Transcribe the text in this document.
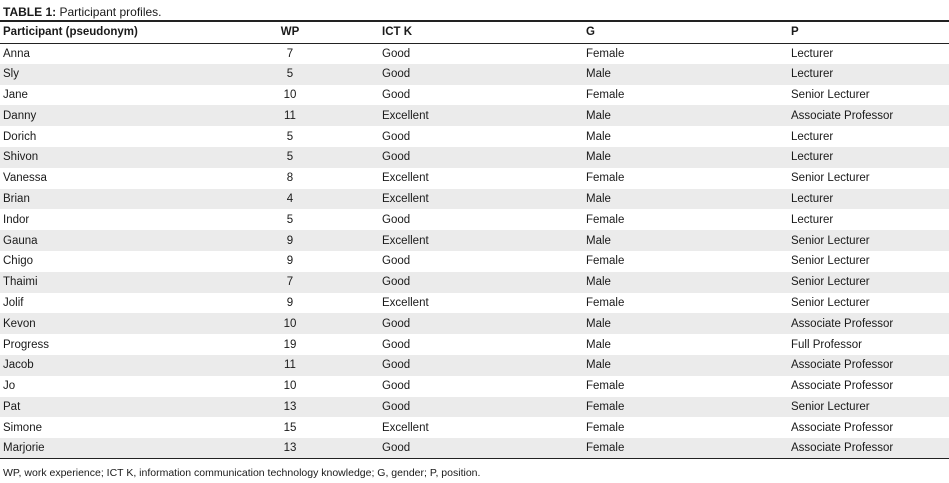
TABLE 1: Participant profiles.
Participant (pseudonym)	WP	ICT K	G	P
Anna	7	Good	Female	Lecturer
Sly	5	Good	Male	Lecturer
Jane	10	Good	Female	Senior Lecturer
Danny	11	Excellent	Male	Associate Professor
Dorich	5	Good	Male	Lecturer
Shivon	5	Good	Male	Lecturer
Vanessa	8	Excellent	Female	Senior Lecturer
Brian	4	Excellent	Male	Lecturer
Indor	5	Good	Female	Lecturer
Gauna	9	Excellent	Male	Senior Lecturer
Chigo	9	Good	Female	Senior Lecturer
Thaimi	7	Good	Male	Senior Lecturer
Jolif	9	Excellent	Female	Senior Lecturer
Kevon	10	Good	Male	Associate Professor
Progress	19	Good	Male	Full Professor
Jacob	11	Good	Male	Associate Professor
Jo	10	Good	Female	Associate Professor
Pat	13	Good	Female	Senior Lecturer
Simone	15	Excellent	Female	Associate Professor
Marjorie	13	Good	Female	Associate Professor
WP, work experience; ICT K, information communication technology knowledge; G, gender; P, position.
